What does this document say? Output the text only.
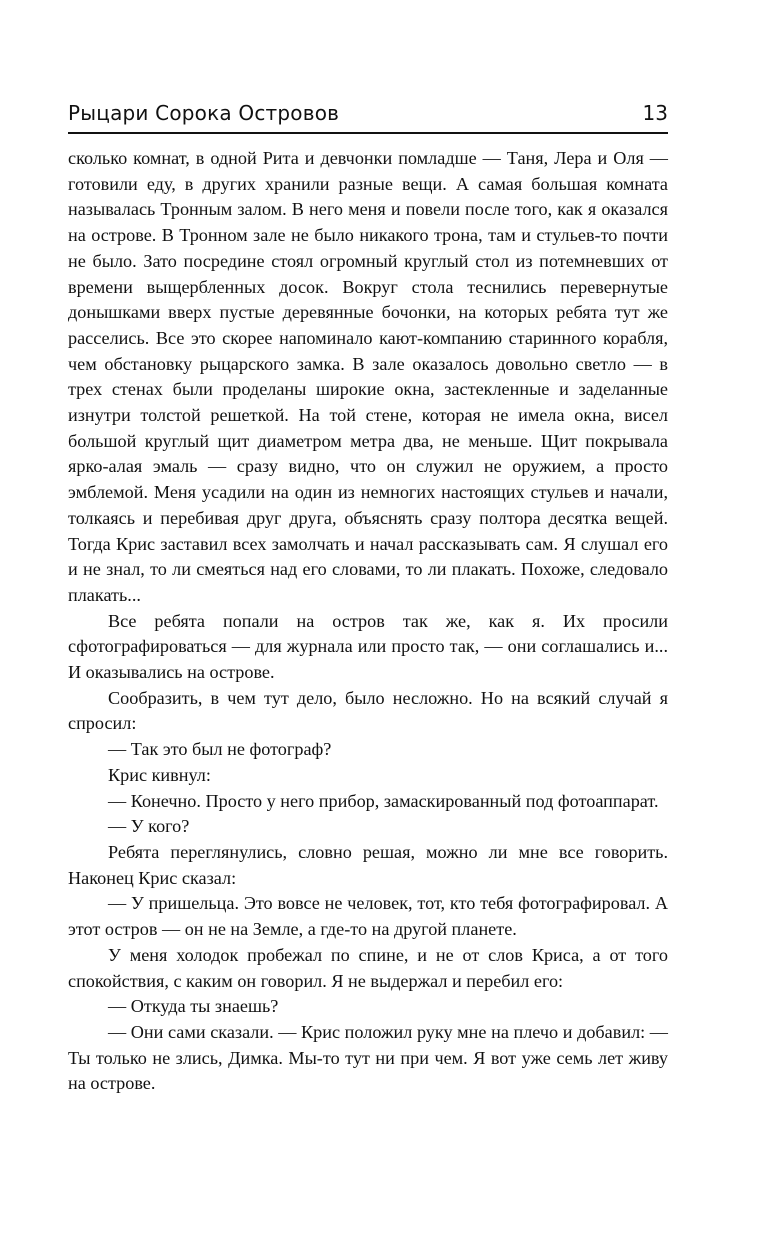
Рыцари Сорока Островов	13

сколько комнат, в одной Рита и девчонки помладше — Таня, Лера и Оля — готовили еду, в других хранили разные вещи. А самая большая комната называлась Тронным залом. В него меня и повели после того, как я оказался на острове. В Тронном зале не было никакого трона, там и стульев-то почти не было. Зато посредине стоял огромный круглый стол из потемневших от времени выщербленных досок. Вокруг стола теснились перевернутые донышками вверх пустые деревянные бочонки, на которых ребята тут же расселись. Все это скорее напоминало кают-компанию старинного корабля, чем обстановку рыцарского замка. В зале оказалось довольно светло — в трех стенах были проделаны широкие окна, застекленные и заделанные изнутри толстой решеткой. На той стене, которая не имела окна, висел большой круглый щит диаметром метра два, не меньше. Щит покрывала ярко-алая эмаль — сразу видно, что он служил не оружием, а просто эмблемой. Меня усадили на один из немногих настоящих стульев и начали, толкаясь и перебивая друг друга, объяснять сразу полтора десятка вещей. Тогда Крис заставил всех замолчать и начал рассказывать сам. Я слушал его и не знал, то ли смеяться над его словами, то ли плакать. Похоже, следовало плакать...

Все ребята попали на остров так же, как я. Их просили сфотографироваться — для журнала или просто так, — они соглашались и... И оказывались на острове.

Сообразить, в чем тут дело, было несложно. Но на всякий случай я спросил:

— Так это был не фотограф?

Крис кивнул:

— Конечно. Просто у него прибор, замаскированный под фотоаппарат.

— У кого?

Ребята переглянулись, словно решая, можно ли мне все говорить. Наконец Крис сказал:

— У пришельца. Это вовсе не человек, тот, кто тебя фотографировал. А этот остров — он не на Земле, а где-то на другой планете.

У меня холодок пробежал по спине, и не от слов Криса, а от того спокойствия, с каким он говорил. Я не выдержал и перебил его:

— Откуда ты знаешь?

— Они сами сказали. — Крис положил руку мне на плечо и добавил: — Ты только не злись, Димка. Мы-то тут ни при чем. Я вот уже семь лет живу на острове.
